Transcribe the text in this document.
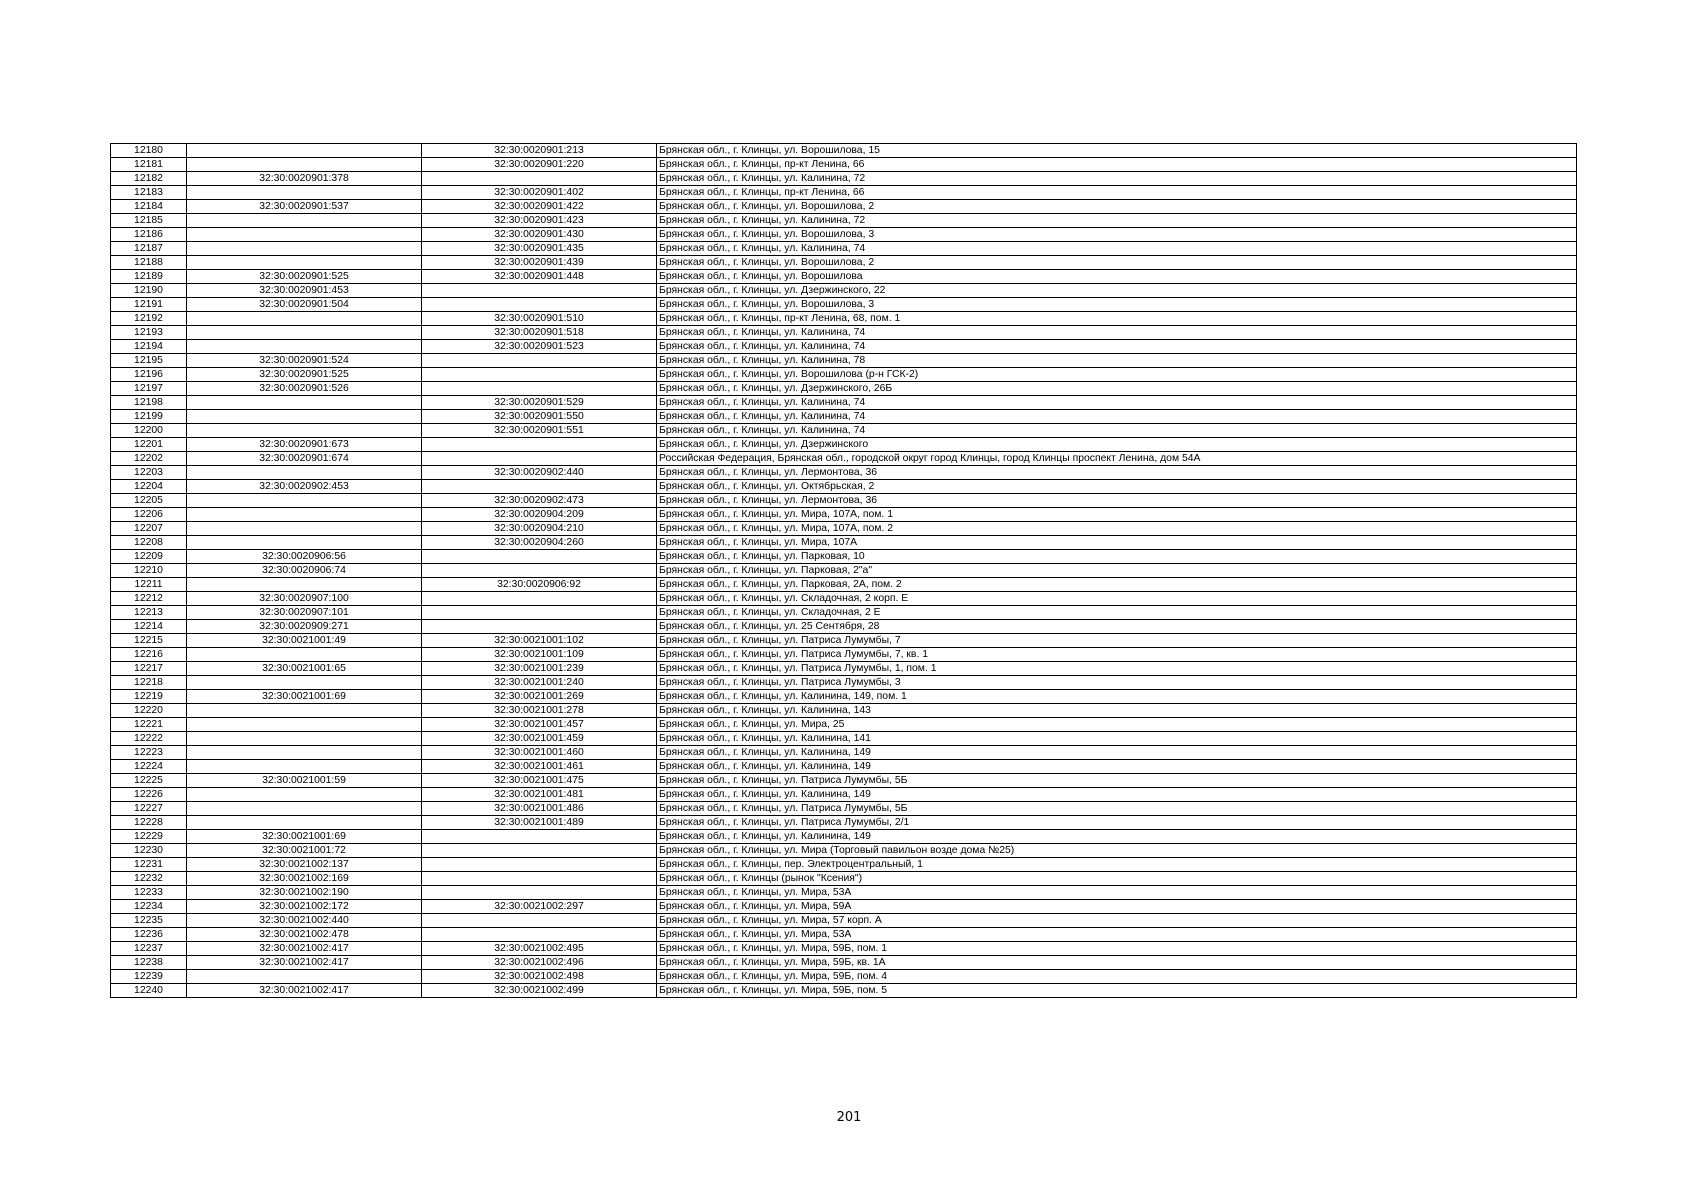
12180		32:30:0020901:213	Брянская обл., г. Клинцы, ул. Ворошилова, 15
12181		32:30:0020901:220	Брянская обл., г. Клинцы, пр-кт Ленина, 66
12182	32:30:0020901:378		Брянская обл., г. Клинцы, ул. Калинина, 72
12183		32:30:0020901:402	Брянская обл., г. Клинцы, пр-кт Ленина, 66
12184	32:30:0020901:537	32:30:0020901:422	Брянская обл., г. Клинцы, ул. Ворошилова, 2
12185		32:30:0020901:423	Брянская обл., г. Клинцы, ул. Калинина, 72
12186		32:30:0020901:430	Брянская обл., г. Клинцы, ул. Ворошилова, 3
12187		32:30:0020901:435	Брянская обл., г. Клинцы, ул. Калинина, 74
12188		32:30:0020901:439	Брянская обл., г. Клинцы, ул. Ворошилова, 2
12189	32:30:0020901:525	32:30:0020901:448	Брянская обл., г. Клинцы, ул. Ворошилова
12190	32:30:0020901:453		Брянская обл., г. Клинцы, ул. Дзержинского, 22
12191	32:30:0020901:504		Брянская обл., г. Клинцы, ул. Ворошилова, 3
12192		32:30:0020901:510	Брянская обл., г. Клинцы, пр-кт Ленина, 68, пом. 1
12193		32:30:0020901:518	Брянская обл., г. Клинцы, ул. Калинина, 74
12194		32:30:0020901:523	Брянская обл., г. Клинцы, ул. Калинина, 74
12195	32:30:0020901:524		Брянская обл., г. Клинцы, ул. Калинина, 78
12196	32:30:0020901:525		Брянская обл., г. Клинцы, ул. Ворошилова (р-н ГСК-2)
12197	32:30:0020901:526		Брянская обл., г. Клинцы, ул. Дзержинского, 26Б
12198		32:30:0020901:529	Брянская обл., г. Клинцы, ул. Калинина, 74
12199		32:30:0020901:550	Брянская обл., г. Клинцы, ул. Калинина, 74
12200		32:30:0020901:551	Брянская обл., г. Клинцы, ул. Калинина, 74
12201	32:30:0020901:673		Брянская обл., г. Клинцы, ул. Дзержинского
12202	32:30:0020901:674		Российская Федерация, Брянская обл., городской округ город Клинцы, город Клинцы проспект Ленина, дом 54А
12203		32:30:0020902:440	Брянская обл., г. Клинцы, ул. Лермонтова, 36
12204	32:30:0020902:453		Брянская обл., г. Клинцы, ул. Октябрьская, 2
12205		32:30:0020902:473	Брянская обл., г. Клинцы, ул. Лермонтова, 36
12206		32:30:0020904:209	Брянская обл., г. Клинцы, ул. Мира, 107А, пом. 1
12207		32:30:0020904:210	Брянская обл., г. Клинцы, ул. Мира, 107А, пом. 2
12208		32:30:0020904:260	Брянская обл., г. Клинцы, ул. Мира, 107А
12209	32:30:0020906:56		Брянская обл., г. Клинцы, ул. Парковая, 10
12210	32:30:0020906:74		Брянская обл., г. Клинцы, ул. Парковая, 2"а"
12211		32:30:0020906:92	Брянская обл., г. Клинцы, ул. Парковая, 2А, пом. 2
12212	32:30:0020907:100		Брянская обл., г. Клинцы, ул. Складочная, 2 корп. Е
12213	32:30:0020907:101		Брянская обл., г. Клинцы, ул. Складочная, 2 Е
12214	32:30:0020909:271		Брянская обл., г. Клинцы, ул. 25 Сентября, 28
12215	32:30:0021001:49	32:30:0021001:102	Брянская обл., г. Клинцы, ул. Патриса Лумумбы, 7
12216		32:30:0021001:109	Брянская обл., г. Клинцы, ул. Патриса Лумумбы, 7, кв. 1
12217	32:30:0021001:65	32:30:0021001:239	Брянская обл., г. Клинцы, ул. Патриса Лумумбы, 1, пом. 1
12218		32:30:0021001:240	Брянская обл., г. Клинцы, ул. Патриса Лумумбы, 3
12219	32:30:0021001:69	32:30:0021001:269	Брянская обл., г. Клинцы, ул. Калинина, 149, пом. 1
12220		32:30:0021001:278	Брянская обл., г. Клинцы, ул. Калинина, 143
12221		32:30:0021001:457	Брянская обл., г. Клинцы, ул. Мира, 25
12222		32:30:0021001:459	Брянская обл., г. Клинцы, ул. Калинина, 141
12223		32:30:0021001:460	Брянская обл., г. Клинцы, ул. Калинина, 149
12224		32:30:0021001:461	Брянская обл., г. Клинцы, ул. Калинина, 149
12225	32:30:0021001:59	32:30:0021001:475	Брянская обл., г. Клинцы, ул. Патриса Лумумбы, 5Б
12226		32:30:0021001:481	Брянская обл., г. Клинцы, ул. Калинина, 149
12227		32:30:0021001:486	Брянская обл., г. Клинцы, ул. Патриса Лумумбы, 5Б
12228		32:30:0021001:489	Брянская обл., г. Клинцы, ул. Патриса Лумумбы, 2/1
12229	32:30:0021001:69		Брянская обл., г. Клинцы, ул. Калинина, 149
12230	32:30:0021001:72		Брянская обл., г. Клинцы, ул. Мира (Торговый павильон возде дома №25)
12231	32:30:0021002:137		Брянская обл., г. Клинцы, пер. Электроцентральный, 1
12232	32:30:0021002:169		Брянская обл., г. Клинцы (рынок "Ксения")
12233	32:30:0021002:190		Брянская обл., г. Клинцы, ул. Мира, 53А
12234	32:30:0021002:172	32:30:0021002:297	Брянская обл., г. Клинцы, ул. Мира, 59А
12235	32:30:0021002:440		Брянская обл., г. Клинцы, ул. Мира, 57 корп. А
12236	32:30:0021002:478		Брянская обл., г. Клинцы, ул. Мира, 53А
12237	32:30:0021002:417	32:30:0021002:495	Брянская обл., г. Клинцы, ул. Мира, 59Б, пом. 1
12238	32:30:0021002:417	32:30:0021002:496	Брянская обл., г. Клинцы, ул. Мира, 59Б, кв. 1А
12239		32:30:0021002:498	Брянская обл., г. Клинцы, ул. Мира, 59Б, пом. 4
12240	32:30:0021002:417	32:30:0021002:499	Брянская обл., г. Клинцы, ул. Мира, 59Б, пом. 5
201
